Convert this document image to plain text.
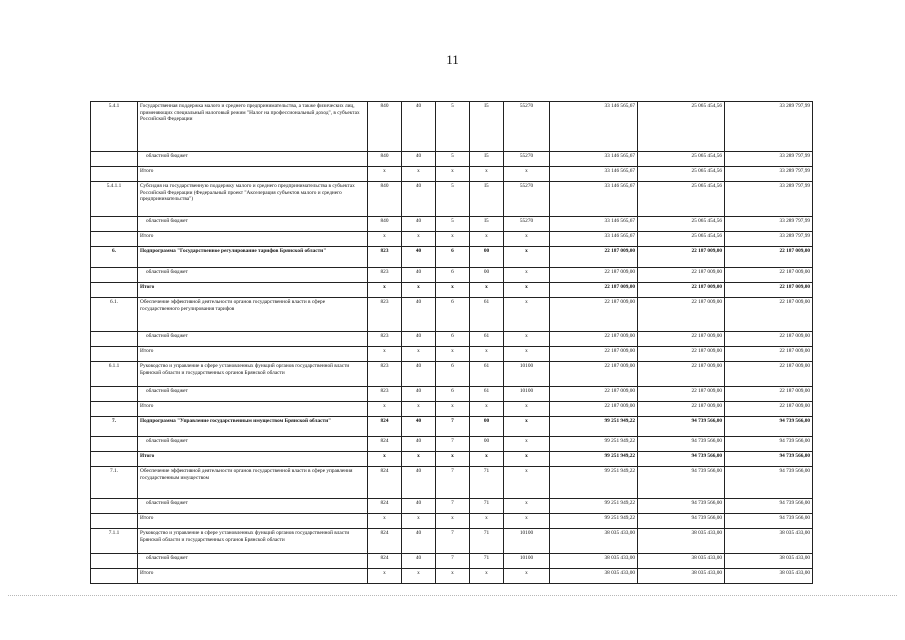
11
5.4.1	Государственная поддержка малого и среднего предпринимательства, а также физических лиц, применяющих специальный налоговый режим "Налог на профессиональный доход", в субъектах Российской Федерации	840	40	5	I5	55270	33 146 565,67	25 065 454,56	33 289 797,99
	областной бюджет	840	40	5	I5	55270	33 146 565,67	25 065 454,56	33 289 797,99
	Итого	x	x	x	x	x	33 146 565,67	25 065 454,56	33 289 797,99
5.4.1.1	Субсидия на государственную поддержку малого и среднего предпринимательства в субъектах Российской Федерации (Федеральный проект "Акселерация субъектов малого и среднего предпринимательства")	840	40	5	I5	55270	33 146 565,67	25 065 454,56	33 289 797,99
	областной бюджет	840	40	5	I5	55270	33 146 565,67	25 065 454,56	33 289 797,99
	Итого	x	x	x	x	x	33 146 565,67	25 065 454,56	33 289 797,99
6.	Подпрограмма "Государственное регулирование тарифов Брянской области"	823	40	6	00	x	22 187 009,00	22 187 009,00	22 187 009,00
	областной бюджет	823	40	6	00	x	22 187 009,00	22 187 009,00	22 187 009,00
	Итого	x	x	x	x	x	22 187 009,00	22 187 009,00	22 187 009,00
6.1.	Обеспечение эффективной деятельности органов государственной власти в сфере государственного регулирования тарифов	823	40	6	61	x	22 187 009,00	22 187 009,00	22 187 009,00
	областной бюджет	823	40	6	61	x	22 187 009,00	22 187 009,00	22 187 009,00
	Итого	x	x	x	x	x	22 187 009,00	22 187 009,00	22 187 009,00
6.1.1	Руководство и управление в сфере установленных функций органов государственной власти Брянской области и государственных органов Брянской области	823	40	6	61	10100	22 187 009,00	22 187 009,00	22 187 009,00
	областной бюджет	823	40	6	61	10100	22 187 009,00	22 187 009,00	22 187 009,00
	Итого	x	x	x	x	x	22 187 009,00	22 187 009,00	22 187 009,00
7.	Подпрограмма "Управление государственным имуществом Брянской области"	824	40	7	00	x	99 251 949,22	94 739 566,00	94 739 566,00
	областной бюджет	824	40	7	00	x	99 251 949,22	94 739 566,00	94 739 566,00
	Итого	x	x	x	x	x	99 251 949,22	94 739 566,00	94 739 566,00
7.1.	Обеспечение эффективной деятельности органов государственной власти в сфере управления государственным имуществом	824	40	7	71	x	99 251 949,22	94 739 566,00	94 739 566,00
	областной бюджет	824	40	7	71	x	99 251 949,22	94 739 566,00	94 739 566,00
	Итого	x	x	x	x	x	99 251 949,22	94 739 566,00	94 739 566,00
7.1.1	Руководство и управление в сфере установленных функций органов государственной власти Брянской области и государственных органов Брянской области	824	40	7	71	10100	38 035 433,00	38 035 433,00	38 035 433,00
	областной бюджет	824	40	7	71	10100	38 035 433,00	38 035 433,00	38 035 433,00
	Итого	x	x	x	x	x	38 035 433,00	38 035 433,00	38 035 433,00
